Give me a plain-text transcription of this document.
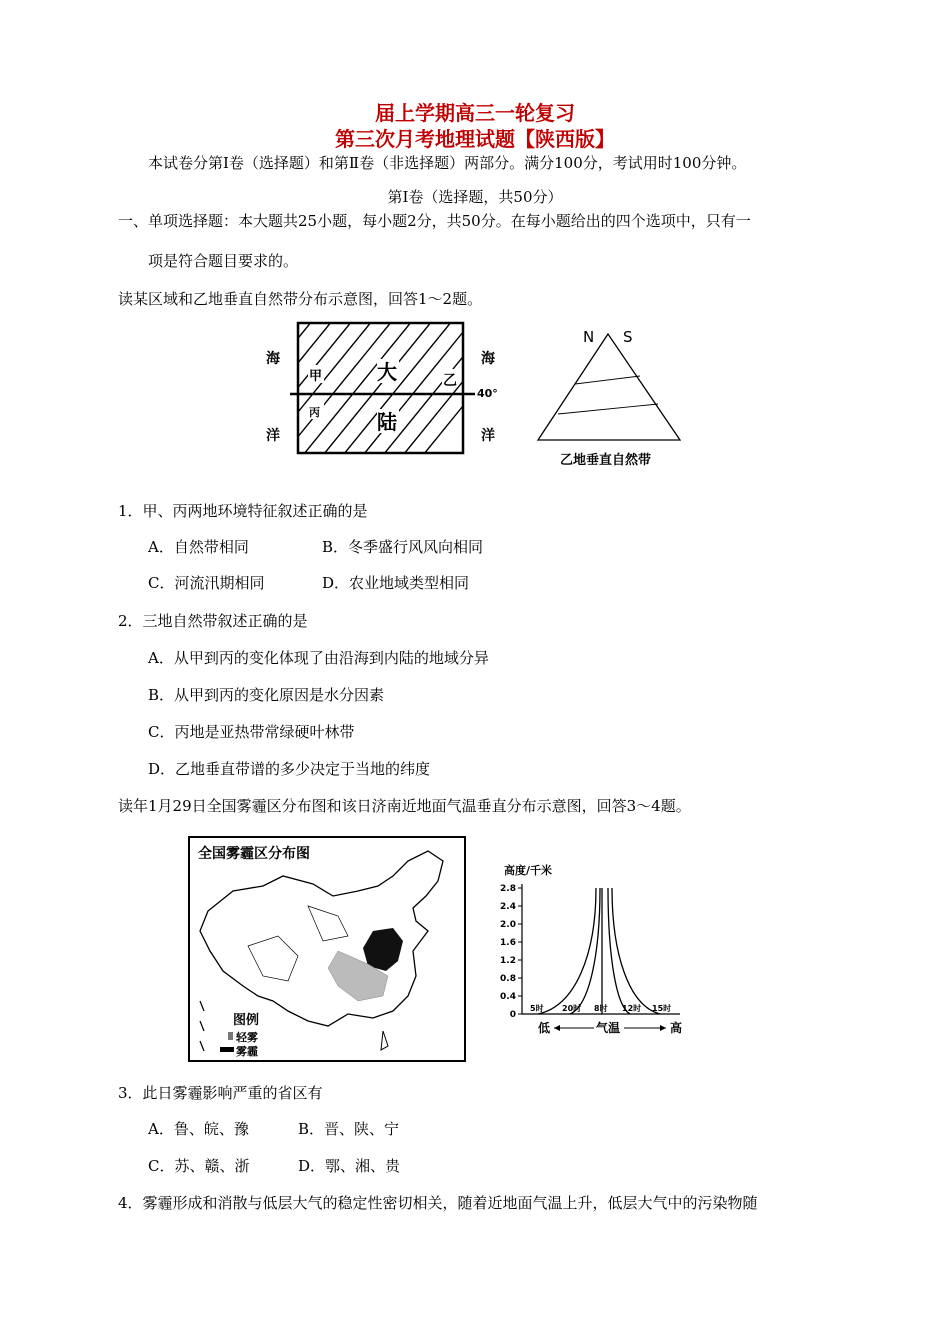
届上学期高三一轮复习
第三次月考地理试题【陕西版】
本试卷分第Ⅰ卷（选择题）和第Ⅱ卷（非选择题）两部分。满分100分，考试用时100分钟。
第Ⅰ卷（选择题，共50分）
一、单项选择题：本大题共25小题，每小题2分，共50分。在每小题给出的四个选项中，只有一
项是符合题目要求的。
读某区域和乙地垂直自然带分布示意图，回答1～2题。
海
洋
海
洋
甲
丙
乙
大
陆
40°
N S
乙地垂直自然带
1．甲、丙两地环境特征叙述正确的是
A．自然带相同	B．冬季盛行风风向相同
C．河流汛期相同	D．农业地域类型相同
2．三地自然带叙述正确的是
A．从甲到丙的变化体现了由沿海到内陆的地域分异
B．从甲到丙的变化原因是水分因素
C．丙地是亚热带常绿硬叶林带
D．乙地垂直带谱的多少决定于当地的纬度
读年1月29日全国雾霾区分布图和该日济南近地面气温垂直分布示意图，回答3～4题。
全国雾霾区分布图
图例
轻雾
雾霾
高度/千米
0
0.4
0.8
1.2
1.6
2.0
2.4
2.8
5时 20时 8时 12时 15时
低	气温	高
3．此日雾霾影响严重的省区有
A．鲁、皖、豫	B．晋、陕、宁
C．苏、赣、浙	D．鄂、湘、贵
4．雾霾形成和消散与低层大气的稳定性密切相关，随着近地面气温上升，低层大气中的污染物随
